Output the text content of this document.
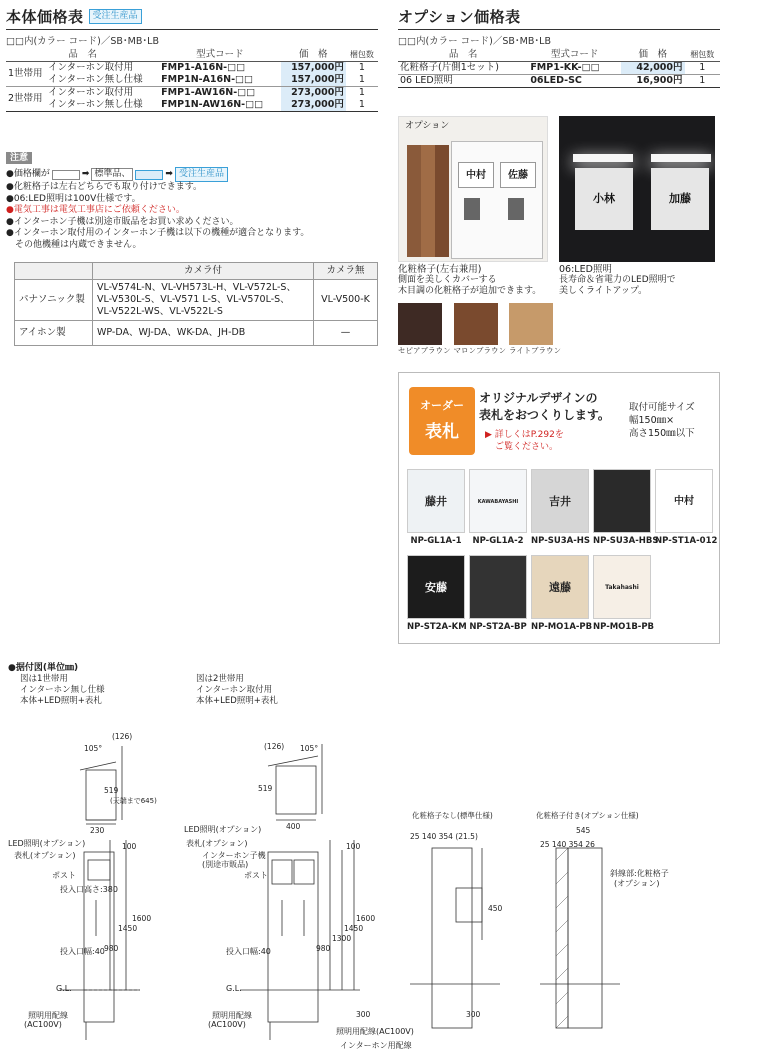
本体価格表	受注生産品
□□内(カラー コード)／SB･MB･LB
品　名		型式コード	価　格	梱包数
1世帯用	インターホン取付用	FMP1-A16N-□□	157,000円	1
	インターホン無し仕様	FMP1N-A16N-□□	157,000円	1
2世帯用	インターホン取付用	FMP1-AW16N-□□	273,000円	1
	インターホン無し仕様	FMP1N-AW16N-□□	273,000円	1
オプション価格表
□□内(カラー コード)／SB･MB･LB
品　名	型式コード	価　格	梱包数
化粧格子(片側1セット)	FMP1-KK-□□	42,000円	1
06 LED照明	06LED-SC	16,900円	1
注意
●価格欄が	➡ 標準品、	➡ 受注生産品
●化粧格子は左右どちらでも取り付けできます。
●06:LED照明は100V仕様です。
●電気工事は電気工事店にご依頼ください。
●インターホン子機は別途市販品をお買い求めください。
●インターホン取付用のインターホン子機は以下の機種が適合となります。
　その他機種は内蔵できません。
	カメラ付	カメラ無
パナソニック製	VL-V574L-N、VL-VH573L-H、VL-V572L-S、
VL-V530L-S、VL-V571 L-S、VL-V570L-S、
VL-V522L-WS、VL-V522L-S	VL-V500-K
アイホン製	WP-DA、WJ-DA、WK-DA、JH-DB	—
オプション
中村	佐藤
化粧格子(左右兼用)
側面を美しくカバーする
木目調の化粧格子が追加できます。
小林	加藤
06:LED照明
長寿命＆省電力のLED照明で
美しくライトアップ。
セピアブラウン マロンブラウン ライトブラウン
オーダー
表札
オリジナルデザインの
表札をおつくりします。
▶ 詳しくはP.292を
ご覧ください。
取付可能サイズ
幅150㎜×
高さ150㎜以下
藤井
NP-GL1A-1
KAWABAYASHI
NP-GL1A-2
吉井
NP-SU3A-HS NP-SU3A-HBS
中村
NP-ST1A-012
安藤
NP-ST2A-KM NP-ST2A-BP
遠藤
NP-MO1A-PB
Takahashi
NP-MO1B-PB
●据付図(単位㎜)
図は1世帯用
インターホン無し仕様
本体+LED照明+表札
図は2世帯用
インターホン取付用
本体+LED照明+表札
105°
(126)
519
(天端まで645)
230
(126) 105°
519
400
LED照明(オプション)
表札(オプション)
ポスト
投入口高さ:380
投入口幅:40
G.L.
照明用配線
(AC100V)
100
1600
1450
980
LED照明(オプション)
表札(オプション)
インターホン子機
(別途市販品)
ポスト
投入口幅:40
G.L.
照明用配線
(AC100V)
照明用配線(AC100V)
インターホン用配線
100
1600
1450
1300
980
300
化粧格子なし(標準仕様)
25 140 354 (21.5)
450
300
化粧格子付き(オプション仕様)
545
25 140 354 26
斜線部:化粧格子
(オプション)
